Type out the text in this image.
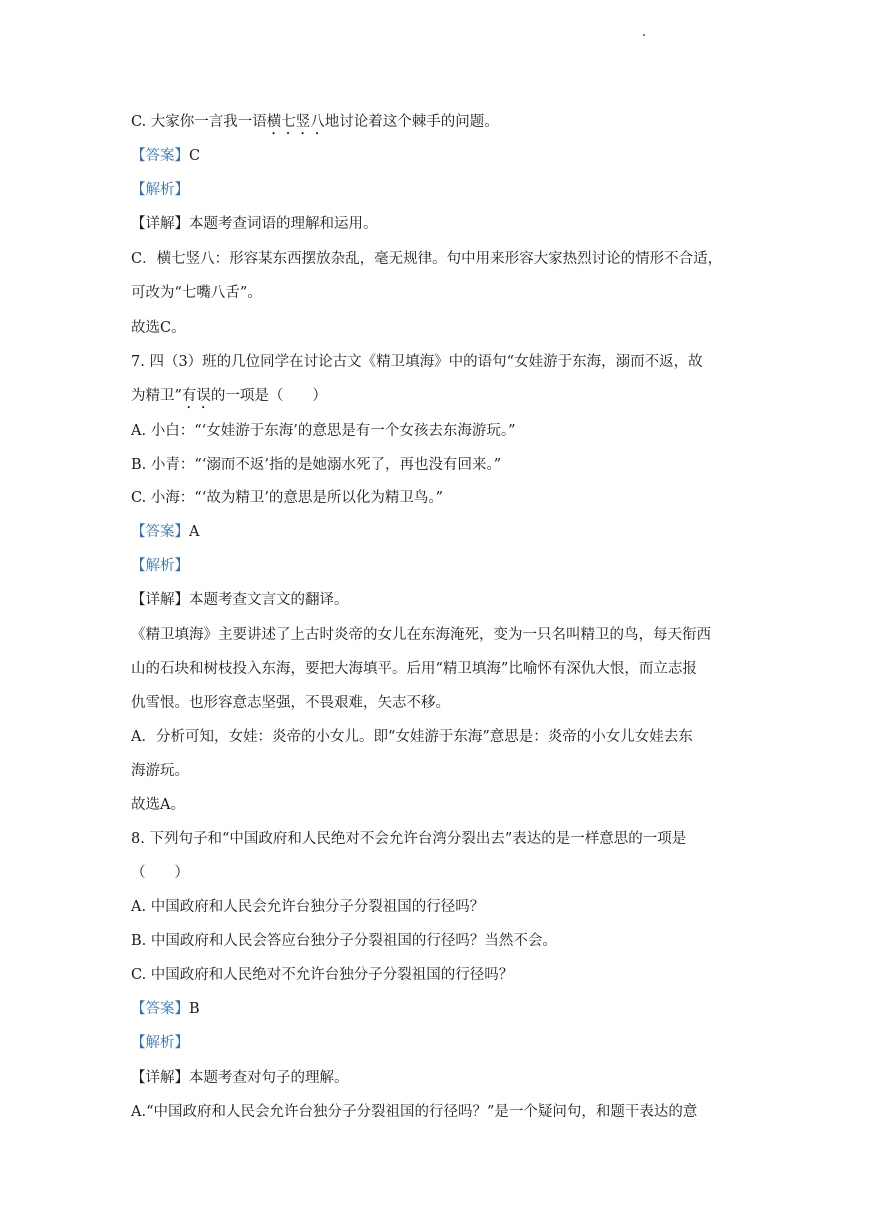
C. 大家你一言我一语横七竖八地讨论着这个棘手的问题。
【答案】C
【解析】
【详解】本题考查词语的理解和运用。
C．横七竖八：形容某东西摆放杂乱，毫无规律。句中用来形容大家热烈讨论的情形不合适，
可改为“七嘴八舌”。
故选C。
7. 四（3）班的几位同学在讨论古文《精卫填海》中的语句“女娃游于东海，溺而不返，故
为精卫”有误的一项是（　　）
A. 小白：“‘女娃游于东海’的意思是有一个女孩去东海游玩。”
B. 小青：“‘溺而不返’指的是她溺水死了，再也没有回来。”
C. 小海：“‘故为精卫’的意思是所以化为精卫鸟。”
【答案】A
【解析】
【详解】本题考查文言文的翻译。
《精卫填海》主要讲述了上古时炎帝的女儿在东海淹死，变为一只名叫精卫的鸟，每天衔西
山的石块和树枝投入东海，要把大海填平。后用“精卫填海”比喻怀有深仇大恨，而立志报
仇雪恨。也形容意志坚强，不畏艰难，矢志不移。
A．分析可知，女娃：炎帝的小女儿。即“女娃游于东海”意思是：炎帝的小女儿女娃去东
海游玩。
故选A。
8. 下列句子和“中国政府和人民绝对不会允许台湾分裂出去”表达的是一样意思的一项是
（　　）
A. 中国政府和人民会允许台独分子分裂祖国的行径吗？
B. 中国政府和人民会答应台独分子分裂祖国的行径吗？当然不会。
C. 中国政府和人民绝对不允许台独分子分裂祖国的行径吗？
【答案】B
【解析】
【详解】本题考查对句子的理解。
A.“中国政府和人民会允许台独分子分裂祖国的行径吗？”是一个疑问句，和题干表达的意
